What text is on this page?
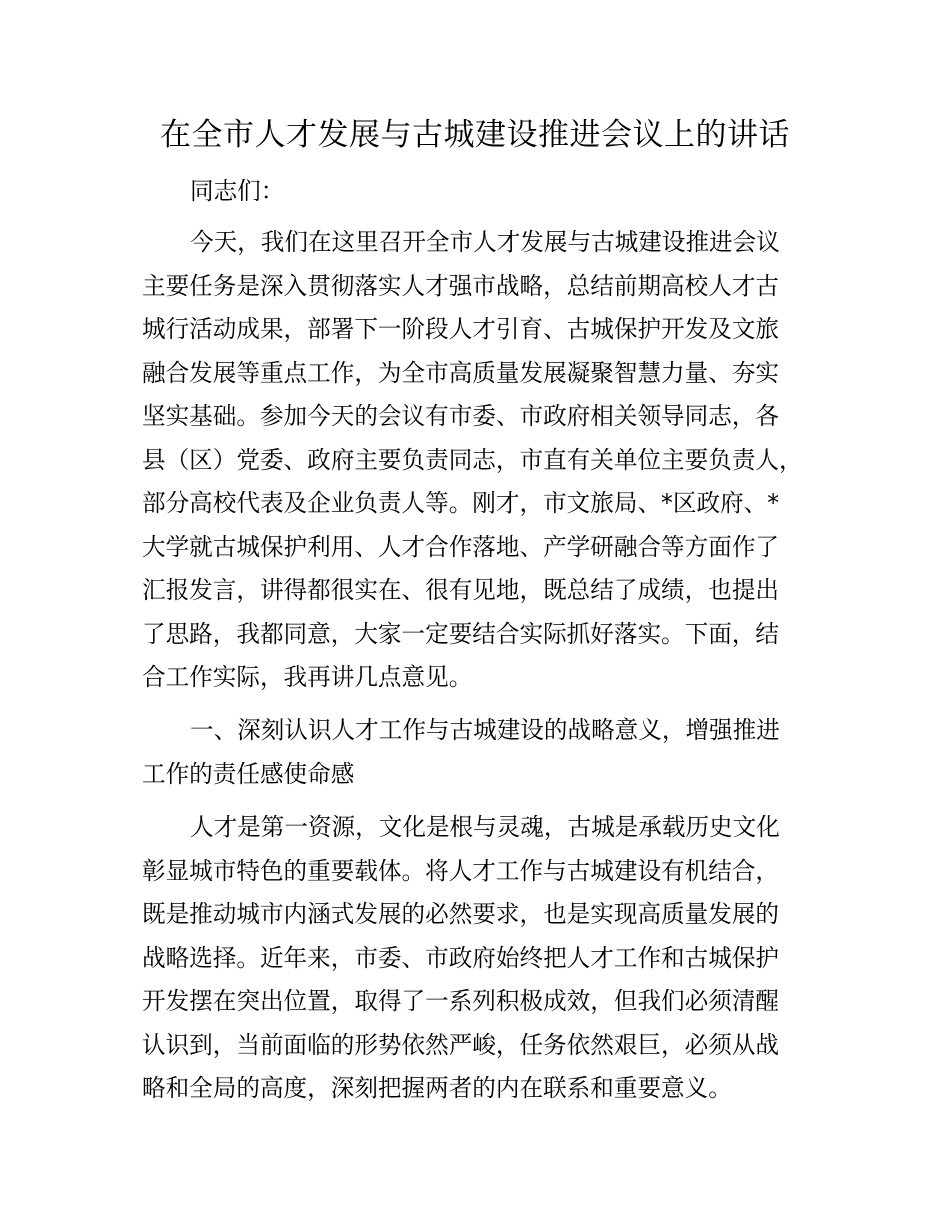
在全市人才发展与古城建设推进会议上的讲话
同志们：
今天，我们在这里召开全市人才发展与古城建设推进会议
主要任务是深入贯彻落实人才强市战略，总结前期高校人才古
城行活动成果，部署下一阶段人才引育、古城保护开发及文旅
融合发展等重点工作，为全市高质量发展凝聚智慧力量、夯实
坚实基础。参加今天的会议有市委、市政府相关领导同志，各
县（区）党委、政府主要负责同志，市直有关单位主要负责人，
部分高校代表及企业负责人等。刚才，市文旅局、*区政府、*
大学就古城保护利用、人才合作落地、产学研融合等方面作了
汇报发言，讲得都很实在、很有见地，既总结了成绩，也提出
了思路，我都同意，大家一定要结合实际抓好落实。下面，结
合工作实际，我再讲几点意见。
一、深刻认识人才工作与古城建设的战略意义，增强推进
工作的责任感使命感
人才是第一资源，文化是根与灵魂，古城是承载历史文化
彰显城市特色的重要载体。将人才工作与古城建设有机结合，
既是推动城市内涵式发展的必然要求，也是实现高质量发展的
战略选择。近年来，市委、市政府始终把人才工作和古城保护
开发摆在突出位置，取得了一系列积极成效，但我们必须清醒
认识到，当前面临的形势依然严峻，任务依然艰巨，必须从战
略和全局的高度，深刻把握两者的内在联系和重要意义。
